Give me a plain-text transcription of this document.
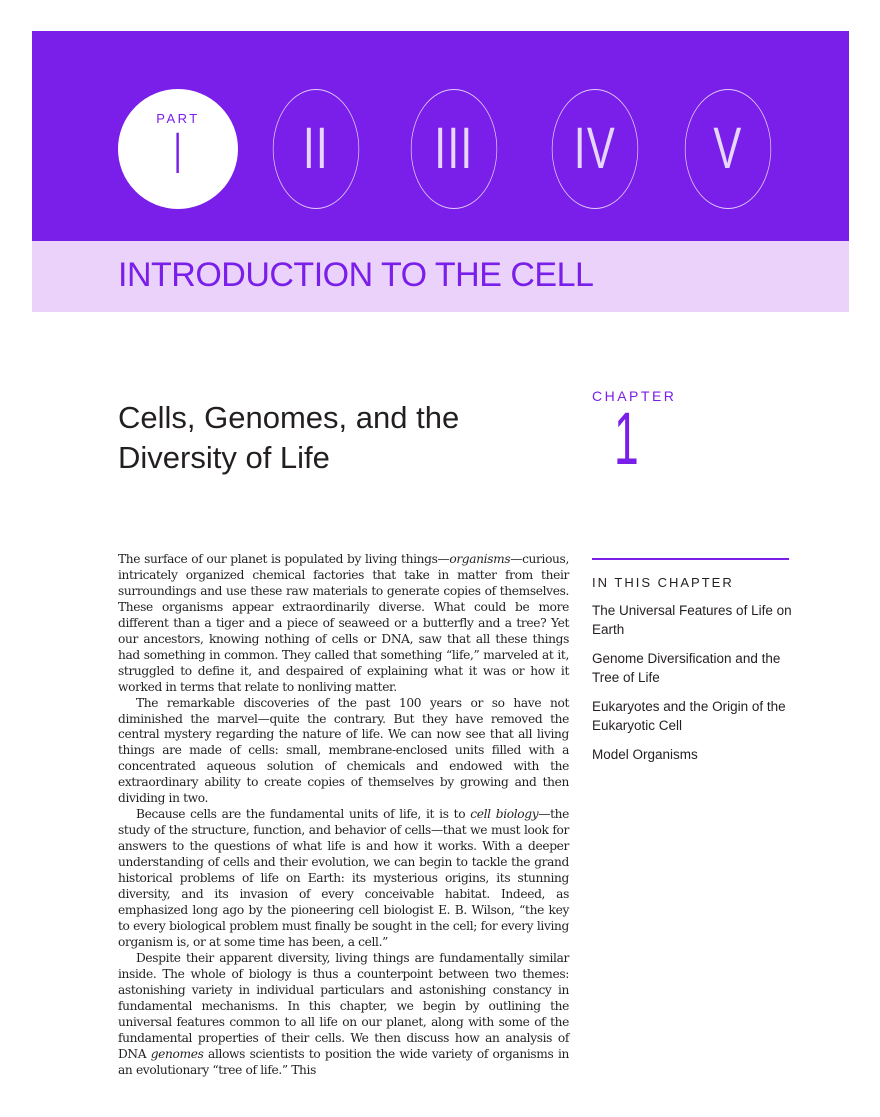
PART
I II III IV V
INTRODUCTION TO THE CELL
Cells, Genomes, and the
Diversity of Life
CHAPTER
1

The surface of our planet is populated by living things—organisms—curious, intricately organized chemical factories that take in matter from their surroundings and use these raw materials to generate copies of themselves. These organisms appear extraordinarily diverse. What could be more different than a tiger and a piece of seaweed or a butterfly and a tree? Yet our ancestors, knowing nothing of cells or DNA, saw that all these things had something in common. They called that something “life,” marveled at it, struggled to define it, and despaired of explaining what it was or how it worked in terms that relate to nonliving matter.

The remarkable discoveries of the past 100 years or so have not diminished the marvel—quite the contrary. But they have removed the central mystery regarding the nature of life. We can now see that all living things are made of cells: small, membrane-enclosed units filled with a concentrated aqueous solution of chemicals and endowed with the extraordinary ability to create copies of themselves by growing and then dividing in two.

Because cells are the fundamental units of life, it is to cell biology—the study of the structure, function, and behavior of cells—that we must look for answers to the questions of what life is and how it works. With a deeper understanding of cells and their evolution, we can begin to tackle the grand historical problems of life on Earth: its mysterious origins, its stunning diversity, and its invasion of every conceivable habitat. Indeed, as emphasized long ago by the pioneering cell biologist E. B. Wilson, “the key to every biological problem must finally be sought in the cell; for every living organism is, or at some time has been, a cell.”

Despite their apparent diversity, living things are fundamentally similar inside. The whole of biology is thus a counterpoint between two themes: astonishing variety in individual particulars and astonishing constancy in fundamental mechanisms. In this chapter, we begin by outlining the universal features common to all life on our planet, along with some of the fundamental properties of their cells. We then discuss how an analysis of DNA genomes allows scientists to position the wide variety of organisms in an evolutionary “tree of life.” This

IN THIS CHAPTER
The Universal Features of Life on Earth
Genome Diversification and the Tree of Life
Eukaryotes and the Origin of the Eukaryotic Cell
Model Organisms
